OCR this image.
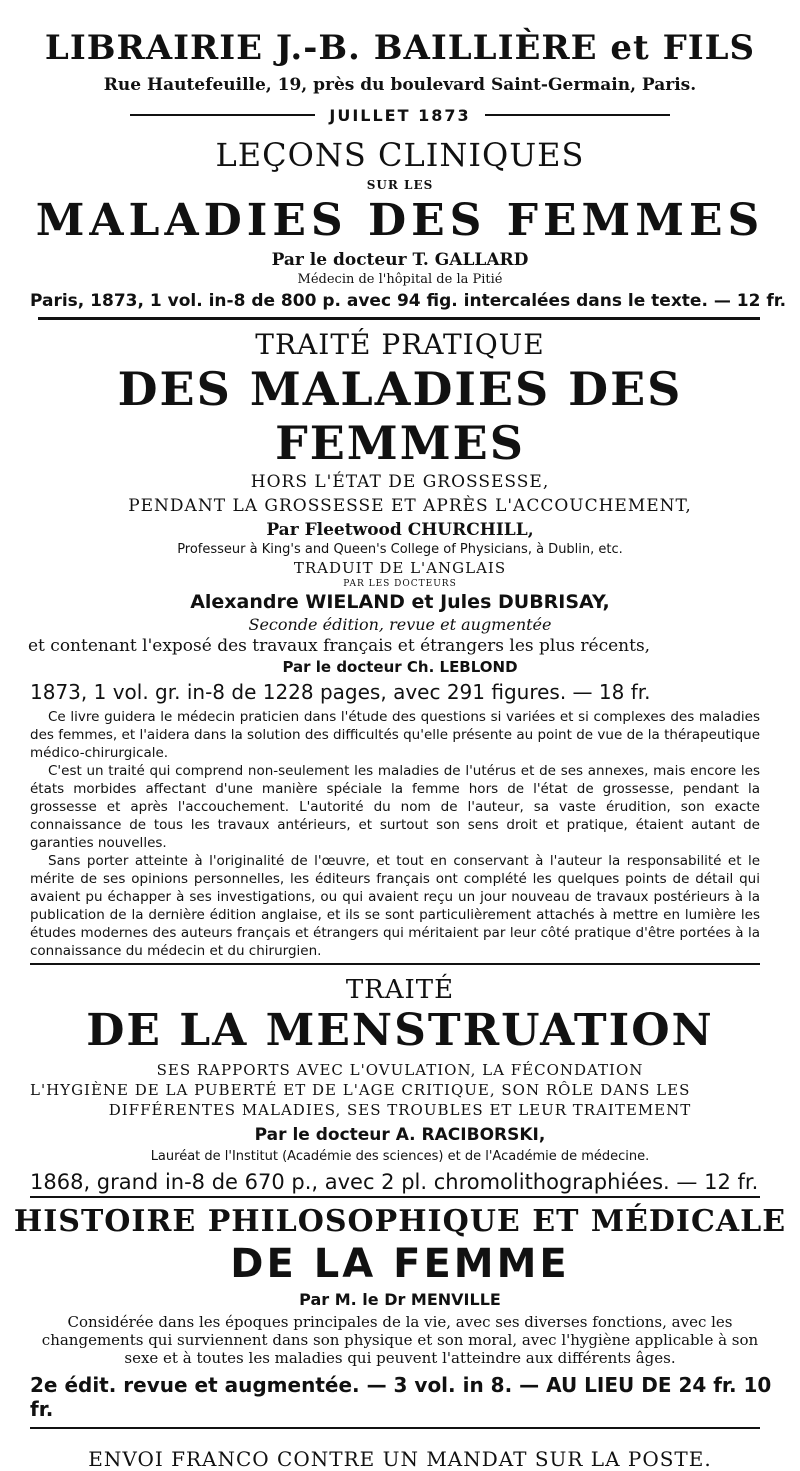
LIBRAIRIE J.-B. BAILLIÈRE et FILS
Rue Hautefeuille, 19, près du boulevard Saint-Germain, Paris.
JUILLET 1873
LEÇONS CLINIQUES
SUR LES
MALADIES DES FEMMES
Par le docteur T. GALLARD
Médecin de l'hôpital de la Pitié
Paris, 1873, 1 vol. in-8 de 800 p. avec 94 fig. intercalées dans le texte. — 12 fr.
TRAITÉ PRATIQUE
DES MALADIES DES FEMMES
HORS L'ÉTAT DE GROSSESSE,
PENDANT LA GROSSESSE ET APRÈS L'ACCOUCHEMENT,
Par Fleetwood CHURCHILL,
Professeur à King's and Queen's College of Physicians, à Dublin, etc.
TRADUIT DE L'ANGLAIS
PAR LES DOCTEURS
Alexandre WIELAND et Jules DUBRISAY,
Seconde édition, revue et augmentée
et contenant l'exposé des travaux français et étrangers les plus récents,
Par le docteur Ch. LEBLOND
1873, 1 vol. gr. in-8 de 1228 pages, avec 291 figures. — 18 fr.

Ce livre guidera le médecin praticien dans l'étude des questions si variées et si complexes des maladies des femmes, et l'aidera dans la solution des difficultés qu'elle présente au point de vue de la thérapeutique médico-chirurgicale.

C'est un traité qui comprend non-seulement les maladies de l'utérus et de ses annexes, mais encore les états morbides affectant d'une manière spéciale la femme hors de l'état de grossesse, pendant la grossesse et après l'accouchement. L'autorité du nom de l'auteur, sa vaste érudition, son exacte connaissance de tous les travaux antérieurs, et surtout son sens droit et pratique, étaient autant de garanties nouvelles.

Sans porter atteinte à l'originalité de l'œuvre, et tout en conservant à l'auteur la responsabilité et le mérite de ses opinions personnelles, les éditeurs français ont complété les quelques points de détail qui avaient pu échapper à ses investigations, ou qui avaient reçu un jour nouveau de travaux postérieurs à la publication de la dernière édition anglaise, et ils se sont particulièrement attachés à mettre en lumière les études modernes des auteurs français et étrangers qui méritaient par leur côté pratique d'être portées à la connaissance du médecin et du chirurgien.

TRAITÉ
DE LA MENSTRUATION
SES RAPPORTS AVEC L'OVULATION, LA FÉCONDATION
L'HYGIÈNE DE LA PUBERTÉ ET DE L'AGE CRITIQUE, SON RÔLE DANS LES
DIFFÉRENTES MALADIES, SES TROUBLES ET LEUR TRAITEMENT
Par le docteur A. RACIBORSKI,
Lauréat de l'Institut (Académie des sciences) et de l'Académie de médecine.
1868, grand in-8 de 670 p., avec 2 pl. chromolithographiées. — 12 fr.
HISTOIRE PHILOSOPHIQUE ET MÉDICALE
DE LA FEMME
Par M. le Dr MENVILLE
Considérée dans les époques principales de la vie, avec ses diverses fonctions, avec les changements qui surviennent dans son physique et son moral, avec l'hygiène applicable à son sexe et à toutes les maladies qui peuvent l'atteindre aux différents âges.
2e édit. revue et augmentée. — 3 vol. in 8. — AU LIEU DE 24 fr. 10 fr.
ENVOI FRANCO CONTRE UN MANDAT SUR LA POSTE.
